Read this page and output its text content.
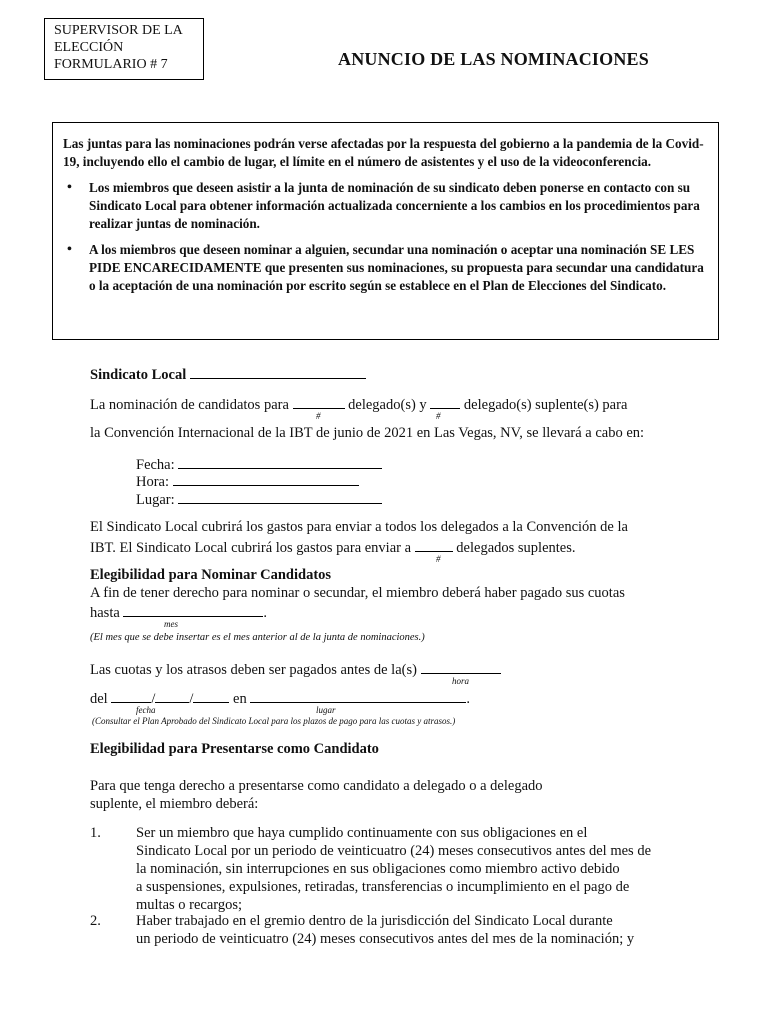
SUPERVISOR DE LA
ELECCIÓN
FORMULARIO # 7	ANUNCIO DE LAS NOMINACIONES

Las juntas para las nominaciones podrán verse afectadas por la respuesta del gobierno a la pandemia de la Covid-19, incluyendo ello el cambio de lugar, el límite en el número de asistentes y el uso de la videoconferencia.

• Los miembros que deseen asistir a la junta de nominación de su sindicato deben ponerse en contacto con su Sindicato Local para obtener información actualizada concerniente a los cambios en los procedimientos para realizar juntas de nominación.
• A los miembros que deseen nominar a alguien, secundar una nominación o aceptar una nominación SE LES PIDE ENCARECIDAMENTE que presenten sus nominaciones, su propuesta para secundar una candidatura o la aceptación de una nominación por escrito según se establece en el Plan de Elecciones del Sindicato.
Sindicato Local
La nominación de candidatos para	delegado(s) y	delegado(s) suplente(s) para
#	#
la Convención Internacional de la IBT de junio de 2021 en Las Vegas, NV, se llevará a cabo en:
Fecha:
Hora:
Lugar:
El Sindicato Local cubrirá los gastos para enviar a todos los delegados a la Convención de la
IBT. El Sindicato Local cubrirá los gastos para enviar a	delegados suplentes.
#
Elegibilidad para Nominar Candidatos
A fin de tener derecho para nominar o secundar, el miembro deberá haber pagado sus cuotas
hasta	.
mes
(El mes que se debe insertar es el mes anterior al de la junta de nominaciones.)
Las cuotas y los atrasos deben ser pagados antes de la(s)
hora
del	/ /	en	.
fecha	lugar
(Consultar el Plan Aprobado del Sindicato Local para los plazos de pago para las cuotas y atrasos.)
Elegibilidad para Presentarse como Candidato
Para que tenga derecho a presentarse como candidato a delegado o a delegado
suplente, el miembro deberá:
1. Ser un miembro que haya cumplido continuamente con sus obligaciones en el
Sindicato Local por un periodo de veinticuatro (24) meses consecutivos antes del mes de
la nominación, sin interrupciones en sus obligaciones como miembro activo debido
a suspensiones, expulsiones, retiradas, transferencias o incumplimiento en el pago de
multas o recargos;
2. Haber trabajado en el gremio dentro de la jurisdicción del Sindicato Local durante
un periodo de veinticuatro (24) meses consecutivos antes del mes de la nominación; y
